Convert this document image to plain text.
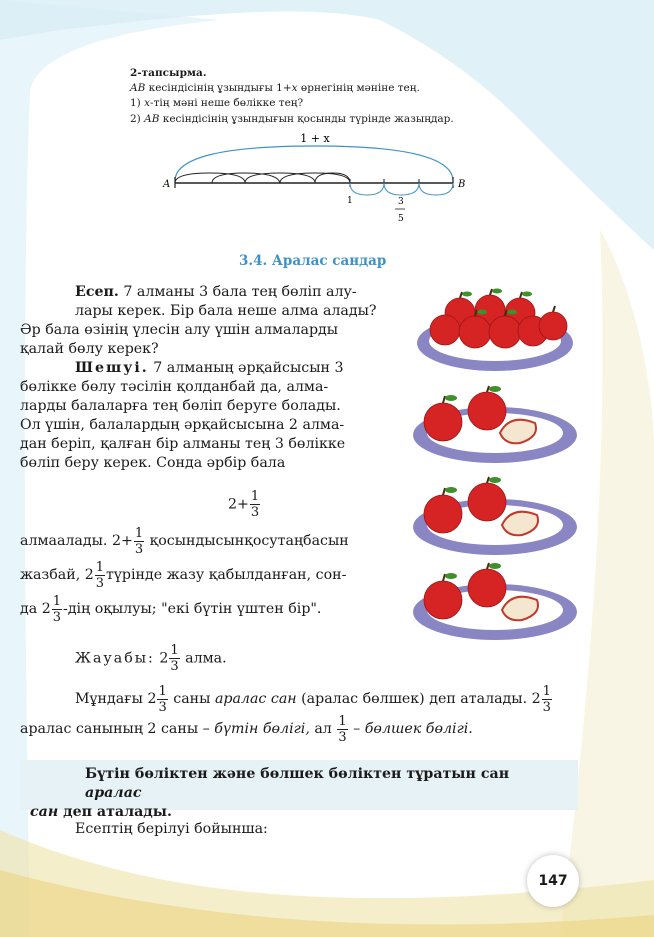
2-тапсырма.
AB кесіндісінің ұзындығы 1+x өрнегінің мәніне тең.
1) x-тің мәні неше бөлікке тең?
2) AB кесіндісінің ұзындығын қосынды түрінде жазыңдар.
1 + x
A	B
1	3
5
3.4. Аралас сандар
Есеп. 7 алманы 3 бала тең бөліп алу-
лары керек. Бір бала неше алма алады?
Әр бала өзінің үлесін алу үшін алмаларды
қалай бөлу керек?
Шешуі. 7 алманың әрқайсысын 3
бөлікке бөлу тәсілін қолданбай да, алма-
ларды балаларға тең бөліп беруге болады.
Ол үшін, балалардың әрқайсысына 2 алма-
дан беріп, қалған бір алманы тең 3 бөлікке
бөліп беру керек. Сонда әрбір бала
$2+ \frac{1}{3}$
алмаалады. $2+ \frac{1}{3}$ қосындысынқосутаңбасын
жазбай, $2 \frac{1}{3}$ түрінде жазу қабылданған, сон-
да $2 \frac{1}{3} -дің$ оқылуы; "екі бүтін үштен бір".
Жауабы: $2 \frac{1}{3}$ алма.
Мұндағы $2 \frac{1}{3}$ саны аралас сан (аралас бөлшек) деп аталады. $2 \frac{1}{3}$
аралас санының 2 саны – бүтін бөлігі, ал $\frac{1}{3}$ – бөлшек бөлігі.
Бүтін бөліктен және бөлшек бөліктен тұратын сан аралас
сан деп аталады.
Есептің берілуі бойынша:
147
